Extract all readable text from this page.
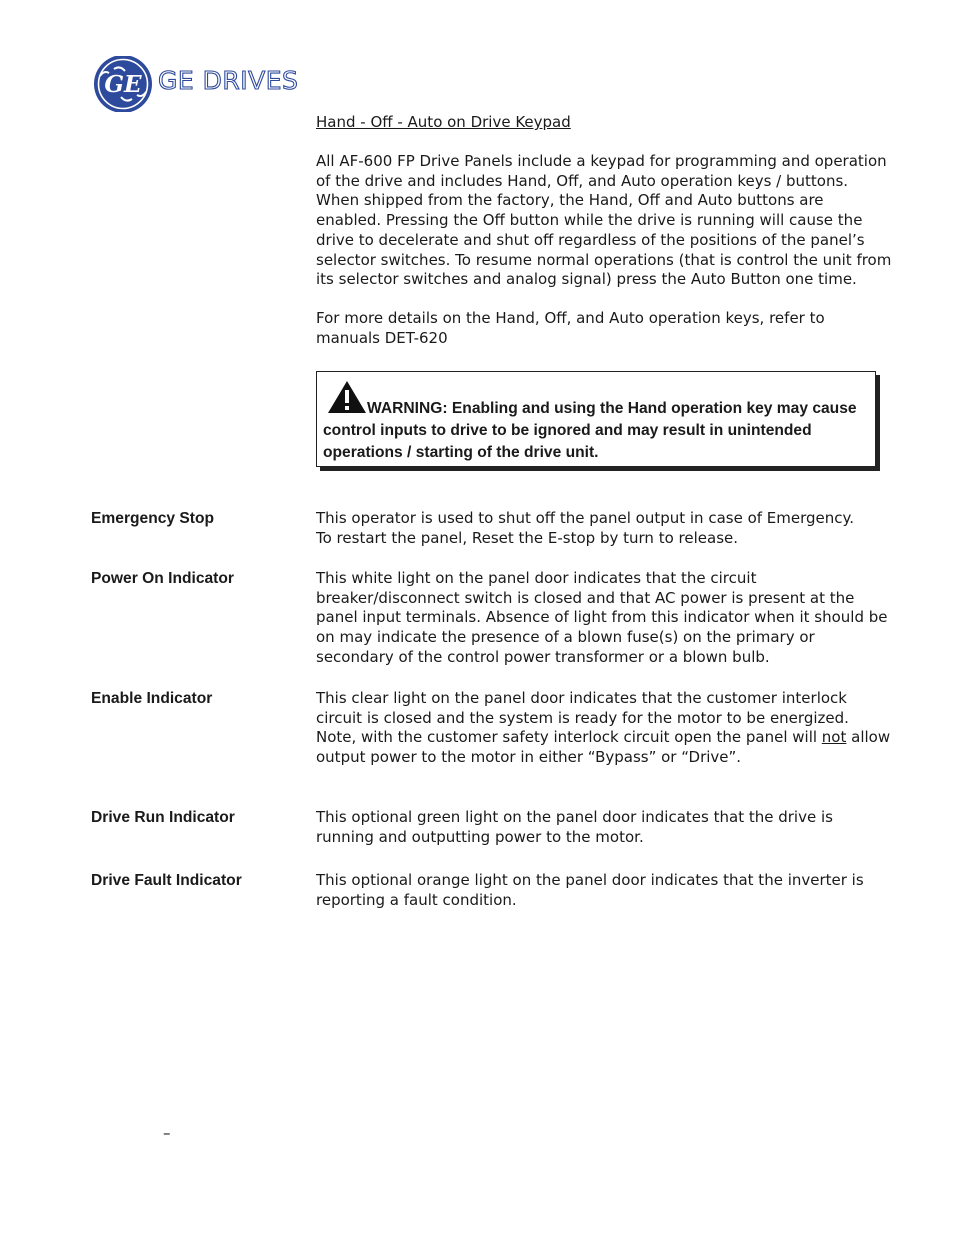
GE GE DRIVES
Hand - Off - Auto on Drive Keypad
All AF-600 FP Drive Panels include a keypad for programming and operation of the drive and includes Hand, Off, and Auto operation keys / buttons. When shipped from the factory, the Hand, Off and Auto buttons are enabled. Pressing the Off button while the drive is running will cause the drive to decelerate and shut off regardless of the positions of the panel’s selector switches. To resume normal operations (that is control the unit from its selector switches and analog signal) press the Auto Button one time.
For more details on the Hand, Off, and Auto operation keys, refer to manuals DET-620
WARNING: Enabling and using the Hand operation key may cause control inputs to drive to be ignored and may result in unintended operations / starting of the drive unit.
Emergency Stop	This operator is used to shut off the panel output in case of Emergency.
To restart the panel, Reset the E-stop by turn to release.
Power On Indicator	This white light on the panel door indicates that the circuit breaker/disconnect switch is closed and that AC power is present at the panel input terminals. Absence of light from this indicator when it should be on may indicate the presence of a blown fuse(s) on the primary or secondary of the control power transformer or a blown bulb.
Enable Indicator	This clear light on the panel door indicates that the customer interlock circuit is closed and the system is ready for the motor to be energized. Note, with the customer safety interlock circuit open the panel will not allow output power to the motor in either “Bypass” or “Drive”.
Drive Run Indicator	This optional green light on the panel door indicates that the drive is running and outputting power to the motor.
Drive Fault Indicator	This optional orange light on the panel door indicates that the inverter is reporting a fault condition.
–
